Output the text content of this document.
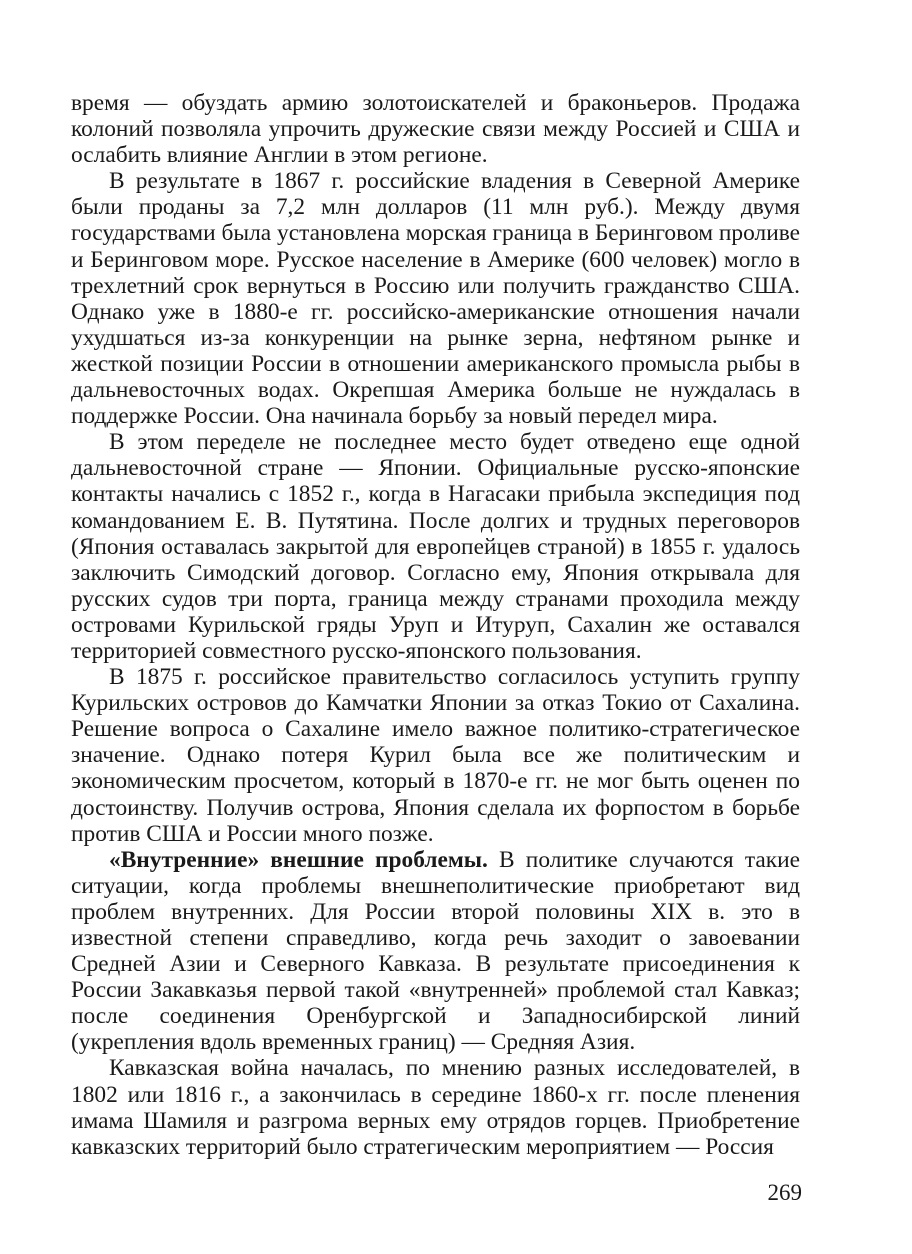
время — обуздать армию золотоискателей и браконьеров. Продажа колоний позволяла упрочить дружеские связи между Россией и США и ослабить влияние Англии в этом регионе.

В результате в 1867 г. российские владения в Северной Америке были проданы за 7,2 млн долларов (11 млн руб.). Между двумя государствами была установлена морская граница в Беринговом проливе и Беринговом море. Русское население в Америке (600 человек) могло в трехлетний срок вернуться в Россию или получить гражданство США. Однако уже в 1880-е гг. российско-американские отношения начали ухудшаться из-за конкуренции на рынке зерна, нефтяном рынке и жесткой позиции России в отношении американского промысла рыбы в дальневосточных водах. Окрепшая Америка больше не нуждалась в поддержке России. Она начинала борьбу за новый передел мира.

В этом переделе не последнее место будет отведено еще одной дальневосточной стране — Японии. Официальные русско-японские контакты начались с 1852 г., когда в Нагасаки прибыла экспедиция под командованием Е. В. Путятина. После долгих и трудных переговоров (Япония оставалась закрытой для европейцев страной) в 1855 г. удалось заключить Симодский договор. Согласно ему, Япония открывала для русских судов три порта, граница между странами проходила между островами Курильской гряды Уруп и Итуруп, Сахалин же оставался территорией совместного русско-японского пользования.

В 1875 г. российское правительство согласилось уступить группу Курильских островов до Камчатки Японии за отказ Токио от Сахалина. Решение вопроса о Сахалине имело важное политико-стратегическое значение. Однако потеря Курил была все же политическим и экономическим просчетом, который в 1870-е гг. не мог быть оценен по достоинству. Получив острова, Япония сделала их форпостом в борьбе против США и России много позже.

«Внутренние» внешние проблемы. В политике случаются такие ситуации, когда проблемы внешнеполитические приобретают вид проблем внутренних. Для России второй половины XIX в. это в известной степени справедливо, когда речь заходит о завоевании Средней Азии и Северного Кавказа. В результате присоединения к России Закавказья первой такой «внутренней» проблемой стал Кавказ; после соединения Оренбургской и Западносибирской линий (укрепления вдоль временных границ) — Средняя Азия.

Кавказская война началась, по мнению разных исследователей, в 1802 или 1816 г., а закончилась в середине 1860-х гг. после пленения имама Шамиля и разгрома верных ему отрядов горцев. Приобретение кавказских территорий было стратегическим мероприятием — Россия

269
